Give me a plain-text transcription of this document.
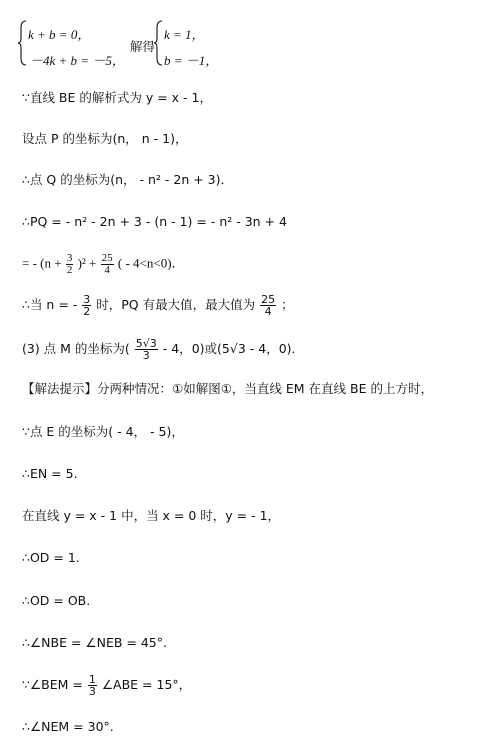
k + b = 0，
－4k + b = －5，
解得
k = 1，
b = －1，
∵直线 BE 的解析式为 y = x - 1，
设点 P 的坐标为(n， n - 1)，
∴点 Q 的坐标为(n， - n² - 2n + 3)．
∴PQ = - n² - 2n + 3 - (n - 1) = - n² - 3n + 4
= - $(n + \frac{3}{2} )^2 + \frac{25}{4}$ ( - 4<n<0)．
∴当 n = - $\frac{3}{2}$ 时，PQ 有最大值，最大值为 $\frac{25}{4}$ ；
(3) 点 M 的坐标为( $\frac{5√3}{3} - 4$，0)或(5√3 - 4，0)．
【解法提示】分两种情况：①如解图①，当直线 EM 在直线 BE 的上方时，
∵点 E 的坐标为( - 4， - 5)，
∴EN = 5.
在直线 y = x - 1 中，当 x = 0 时，y = - 1，
∴OD = 1.
∴OD = OB.
∴∠NBE = ∠NEB = 45°.
∵∠BEM = $\frac{1}{3}$ ∠ABE = 15°，
∴∠NEM = 30°.
